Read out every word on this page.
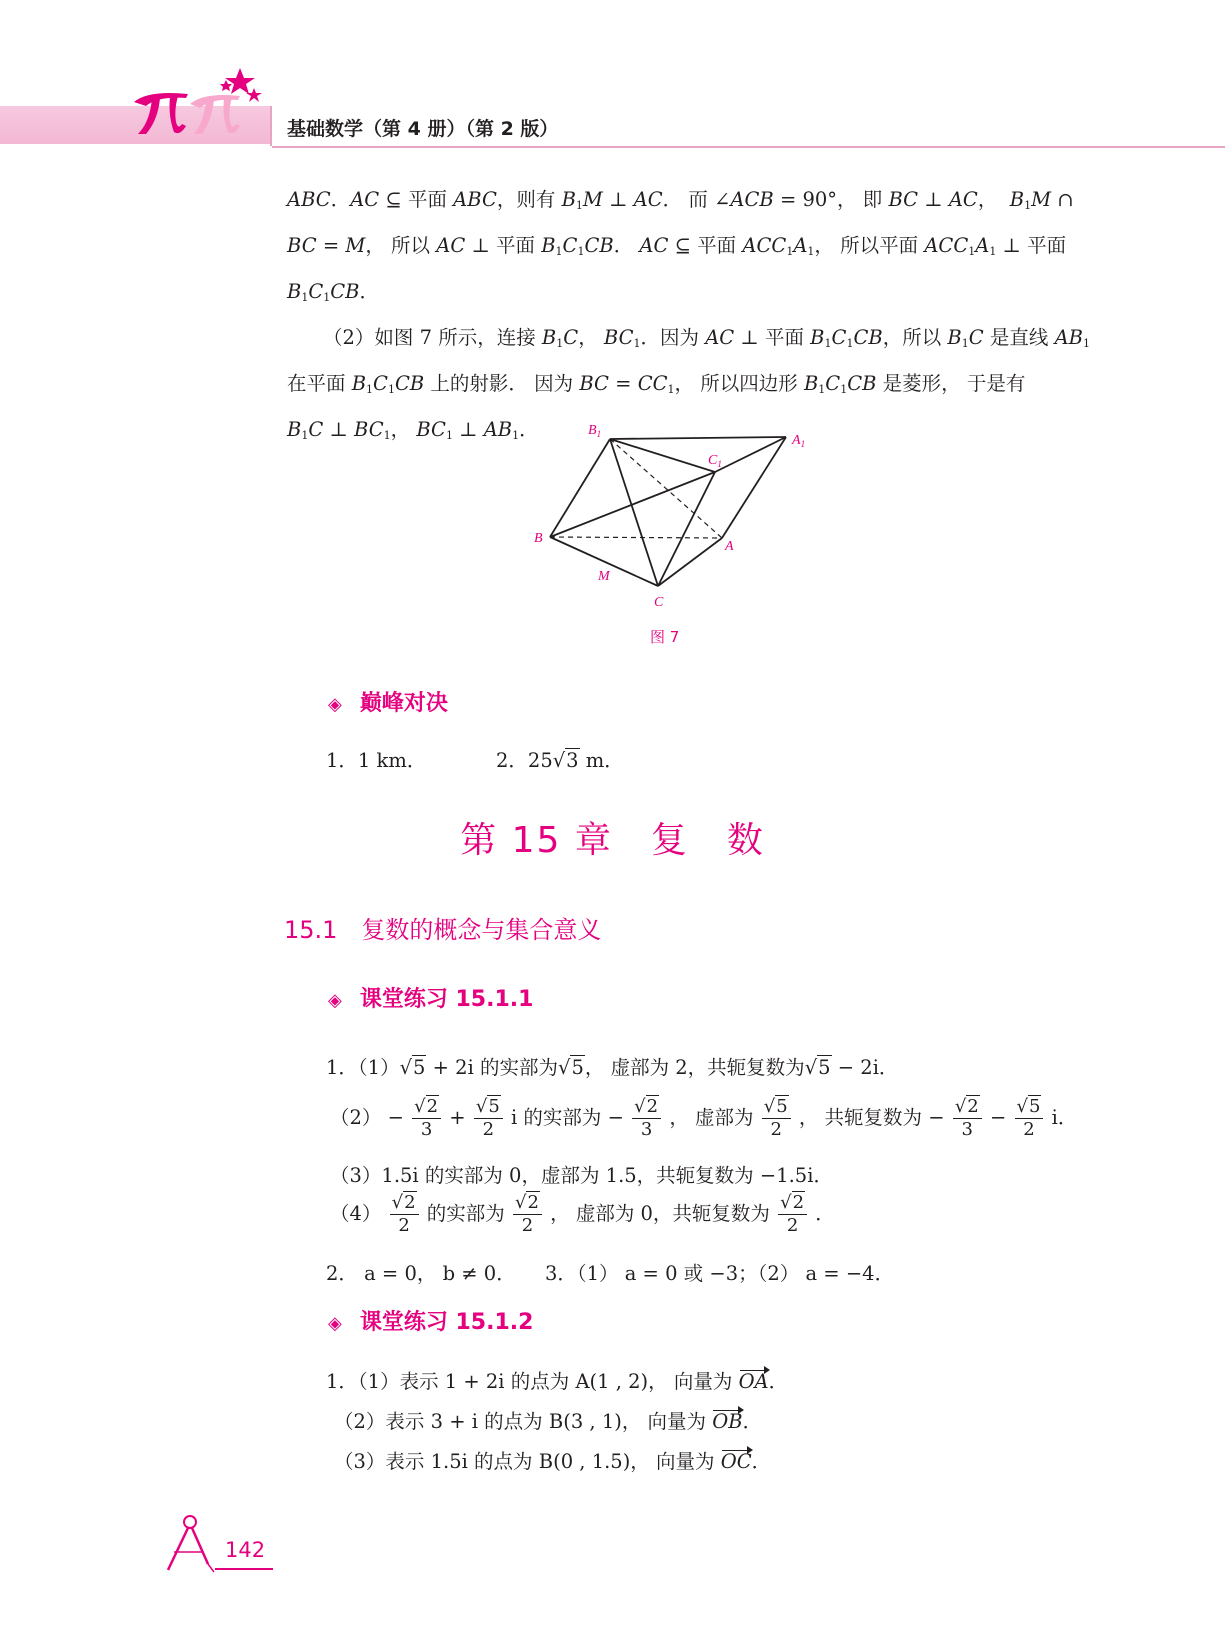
基础数学（第 4 册）（第 2 版）

ABC．AC ⊆ 平面 ABC，则有 $B_1M$ ⊥ AC． 而 ∠ACB = 90°， 即 BC ⊥ AC，  $B_1M$ ∩

BC = M， 所以 AC ⊥ 平面 $B_1C_1CB$． AC ⊆ 平面 $ACC_1A_1$， 所以平面 $ACC_1A_1$ ⊥ 平面

$B_1C_1CB$．

（2）如图 7 所示，连接 $B_1C$， $BC_1$．因为 AC ⊥ 平面 $B_1C_1CB$，所以 $B_1C$ 是直线 $AB_1$

在平面 $B_1C_1CB$ 上的射影． 因为 BC = $CC_1$， 所以四边形 $B_1C_1CB$ 是菱形， 于是有

$B_1C$ ⊥ $BC_1$， $BC_1$ ⊥ $AB_1$．	$B_1$	$A_1$
$C_1$
B
A
M
C
图 7
◈ 巅峰对决
1．1 km．	2．25√3 m．
第 15 章　复　数
15.1　复数的概念与集合意义
◈ 课堂练习 15.1.1
1．（1）√5 + 2i 的实部为√5， 虚部为 2，共轭复数为√5 − 2i．
$(2) - \frac{√2}{3} + \frac{√5}{2}$ i 的实部为 − $\frac{√2}{3}$ ， 虚部为 $\frac{√5}{2}$ ， 共轭复数为 − $\frac{√2}{3} - \frac{√5}{2}$ i．
（3）1.5i 的实部为 0，虚部为 1.5，共轭复数为 −1.5i．
$(4) \frac{√2}{2}$ 的实部为 $\frac{√2}{2}$ ， 虚部为 0，共轭复数为 $\frac{√2}{2}$ ．
2． a = 0， b ≠ 0．　　3．（1） a = 0 或 −3；（2） a = −4．
◈ 课堂练习 15.1.2
1．（1）表示 1 + 2i 的点为 A(1 , 2)， 向量为 OA．
（2）表示 3 + i 的点为 B(3 , 1)， 向量为 OB．
（3）表示 1.5i 的点为 B(0 , 1.5)， 向量为 OC．
142
